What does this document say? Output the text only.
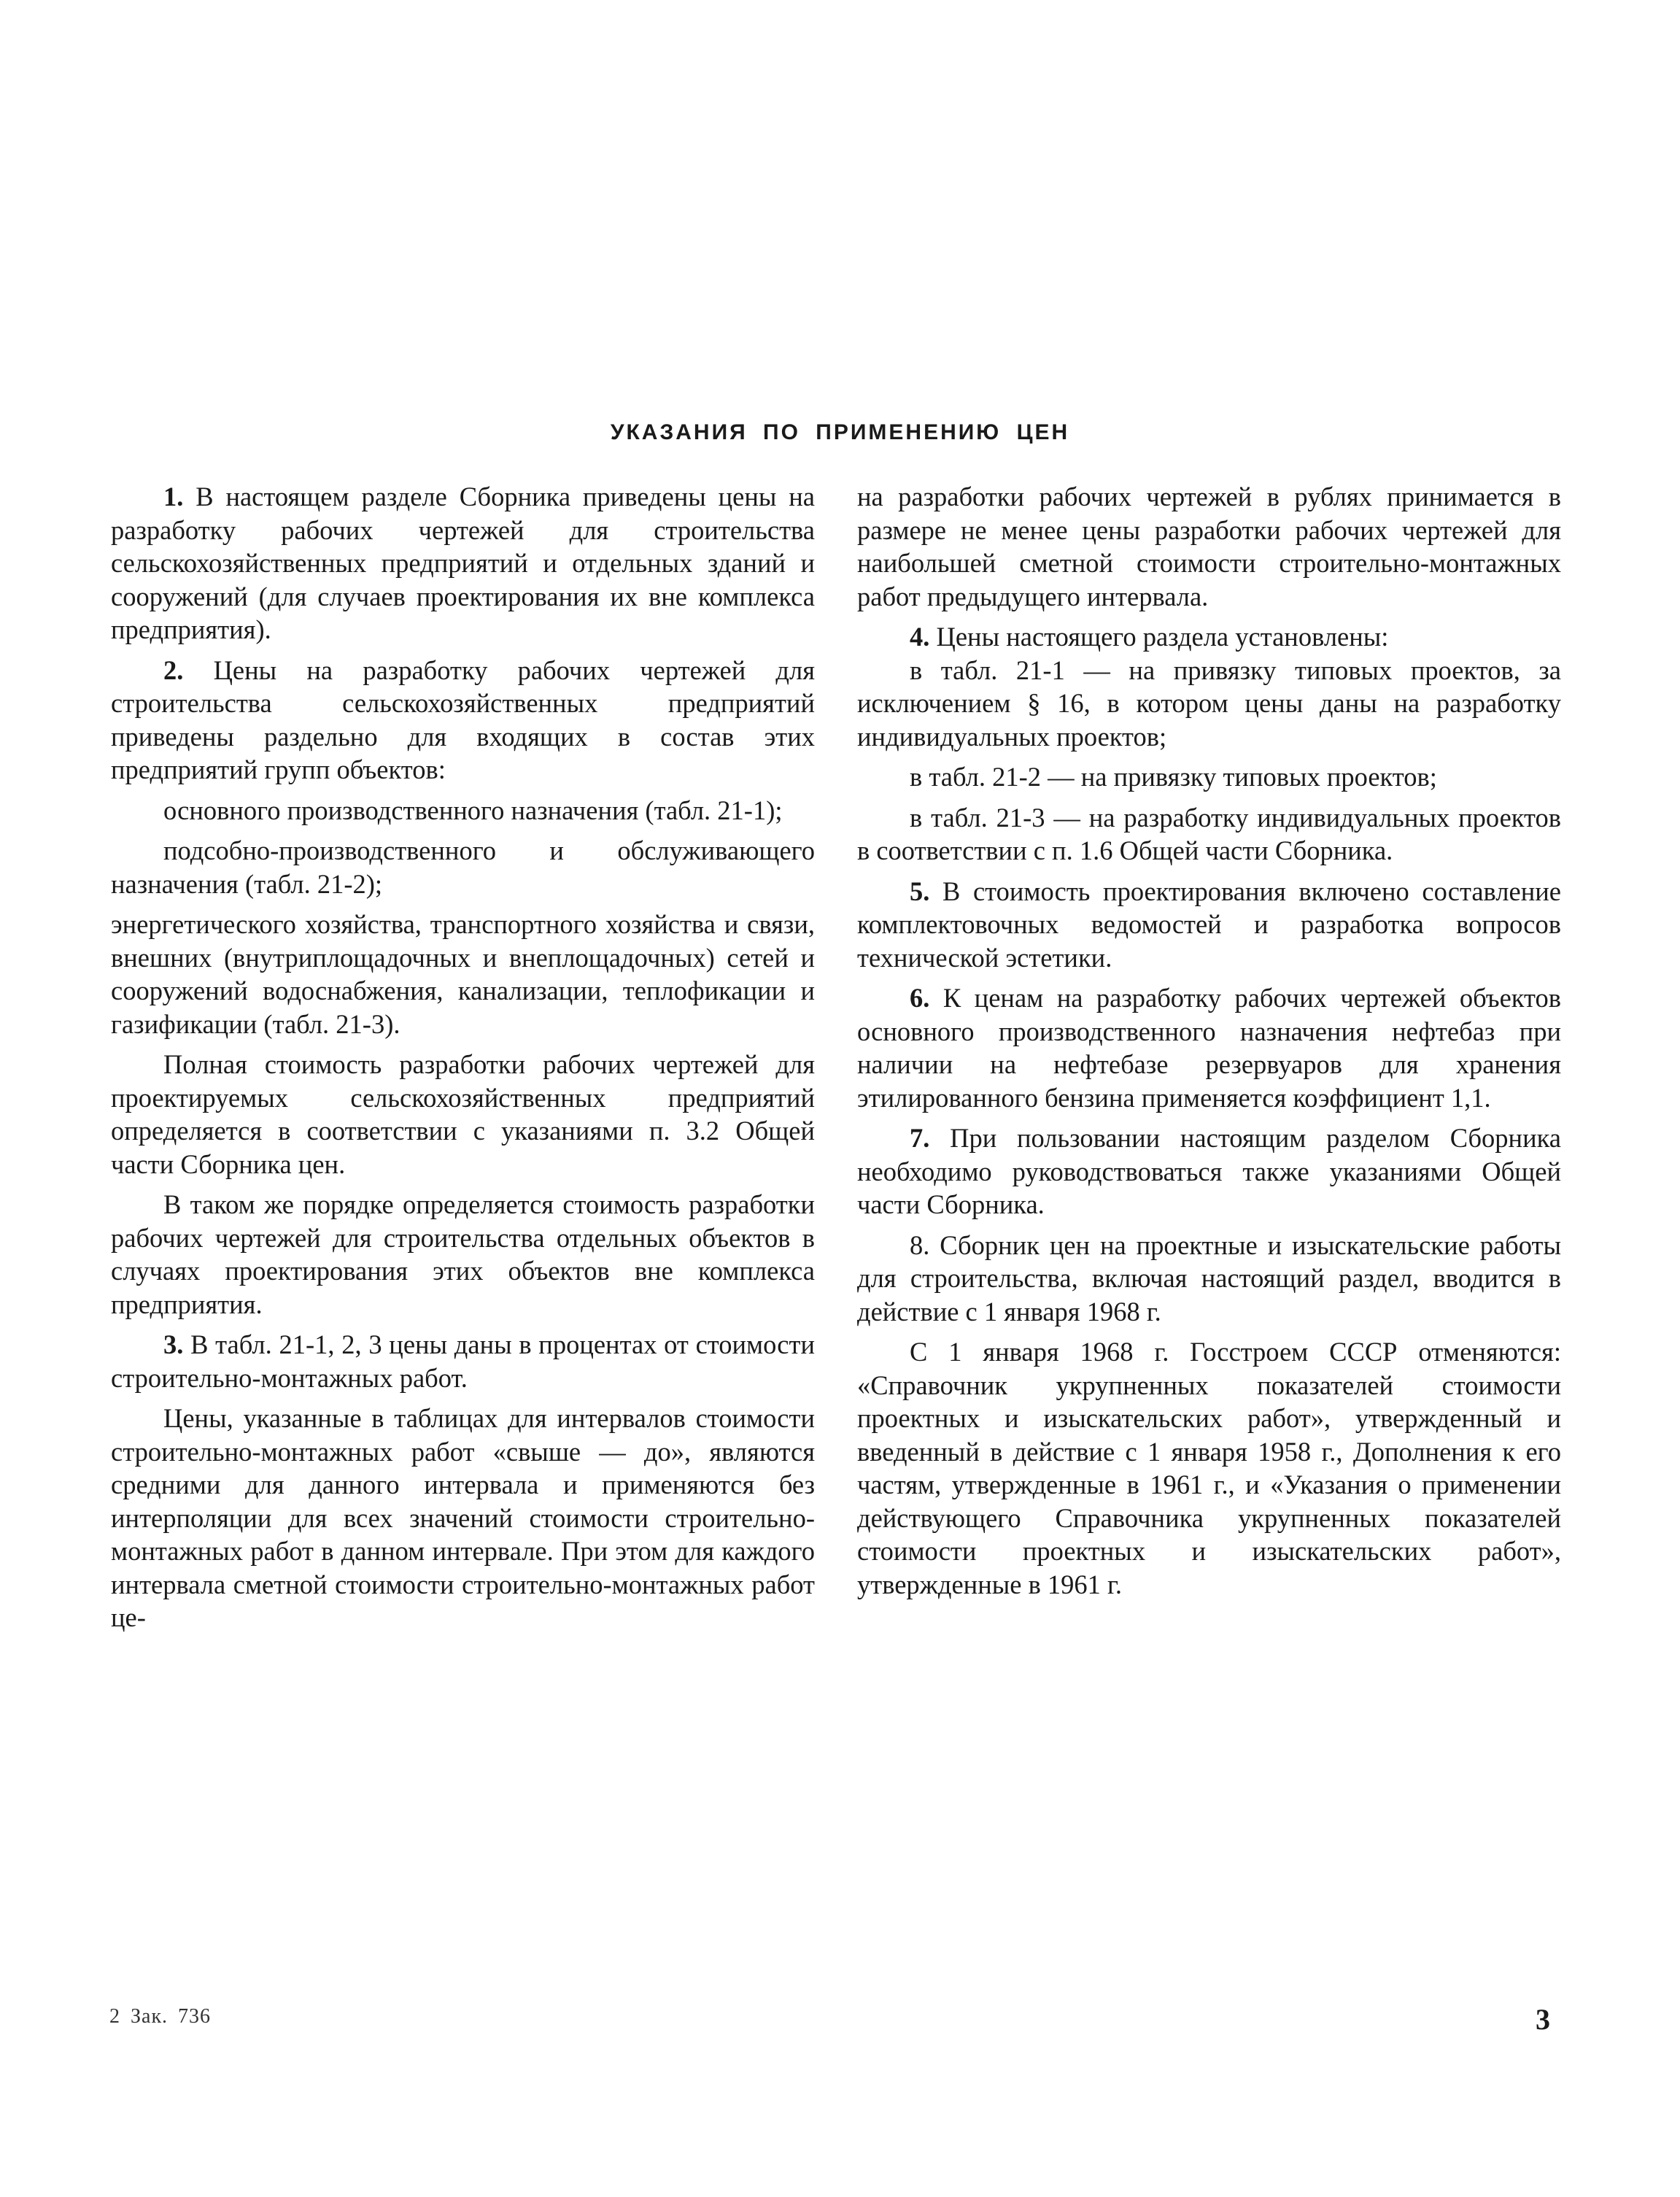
УКАЗАНИЯ ПО ПРИМЕНЕНИЮ ЦЕН

1. В настоящем разделе Сборника приведены цены на разработку рабочих чертежей для строительства сельскохозяйственных предприятий и отдельных зданий и сооружений (для случаев проектирования их вне комплекса предприятия).

2. Цены на разработку рабочих чертежей для строительства сельскохозяйственных предприятий приведены раздельно для входящих в состав этих предприятий групп объектов:

основного производственного назначения (табл. 21-1);

подсобно-производственного и обслуживающего назначения (табл. 21-2);

энергетического хозяйства, транспортного хозяйства и связи, внешних (внутриплощадочных и внеплощадочных) сетей и сооружений водоснабжения, канализации, теплофикации и газификации (табл. 21-3).

Полная стоимость разработки рабочих чертежей для проектируемых сельскохозяйственных предприятий определяется в соответствии с указаниями п. 3.2 Общей части Сборника цен.

В таком же порядке определяется стоимость разработки рабочих чертежей для строительства отдельных объектов в случаях проектирования этих объектов вне комплекса предприятия.

3. В табл. 21-1, 2, 3 цены даны в процентах от стоимости строительно-монтажных работ.

Цены, указанные в таблицах для интервалов стоимости строительно-монтажных работ «свыше — до», являются средними для данного интервала и применяются без интерполяции для всех значений стоимости строительно-монтажных работ в данном интервале. При этом для каждого интервала сметной стоимости строительно-монтажных работ це-

на разработки рабочих чертежей в рублях принимается в размере не менее цены разработки рабочих чертежей для наибольшей сметной стоимости строительно-монтажных работ предыдущего интервала.

4. Цены настоящего раздела установлены:

в табл. 21-1 — на привязку типовых проектов, за исключением § 16, в котором цены даны на разработку индивидуальных проектов;

в табл. 21-2 — на привязку типовых проектов;

в табл. 21-3 — на разработку индивидуальных проектов в соответствии с п. 1.6 Общей части Сборника.

5. В стоимость проектирования включено составление комплектовочных ведомостей и разработка вопросов технической эстетики.

6. К ценам на разработку рабочих чертежей объектов основного производственного назначения нефтебаз при наличии на нефтебазе резервуаров для хранения этилированного бензина применяется коэффициент 1,1.

7. При пользовании настоящим разделом Сборника необходимо руководствоваться также указаниями Общей части Сборника.

8. Сборник цен на проектные и изыскательские работы для строительства, включая настоящий раздел, вводится в действие с 1 января 1968 г.

С 1 января 1968 г. Госстроем СССР отменяются: «Справочник укрупненных показателей стоимости проектных и изыскательских работ», утвержденный и введенный в действие с 1 января 1958 г., Дополнения к его частям, утвержденные в 1961 г., и «Указания о применении действующего Справочника укрупненных показателей стоимости проектных и изыскательских работ», утвержденные в 1961 г.

2 Зак. 736	3
